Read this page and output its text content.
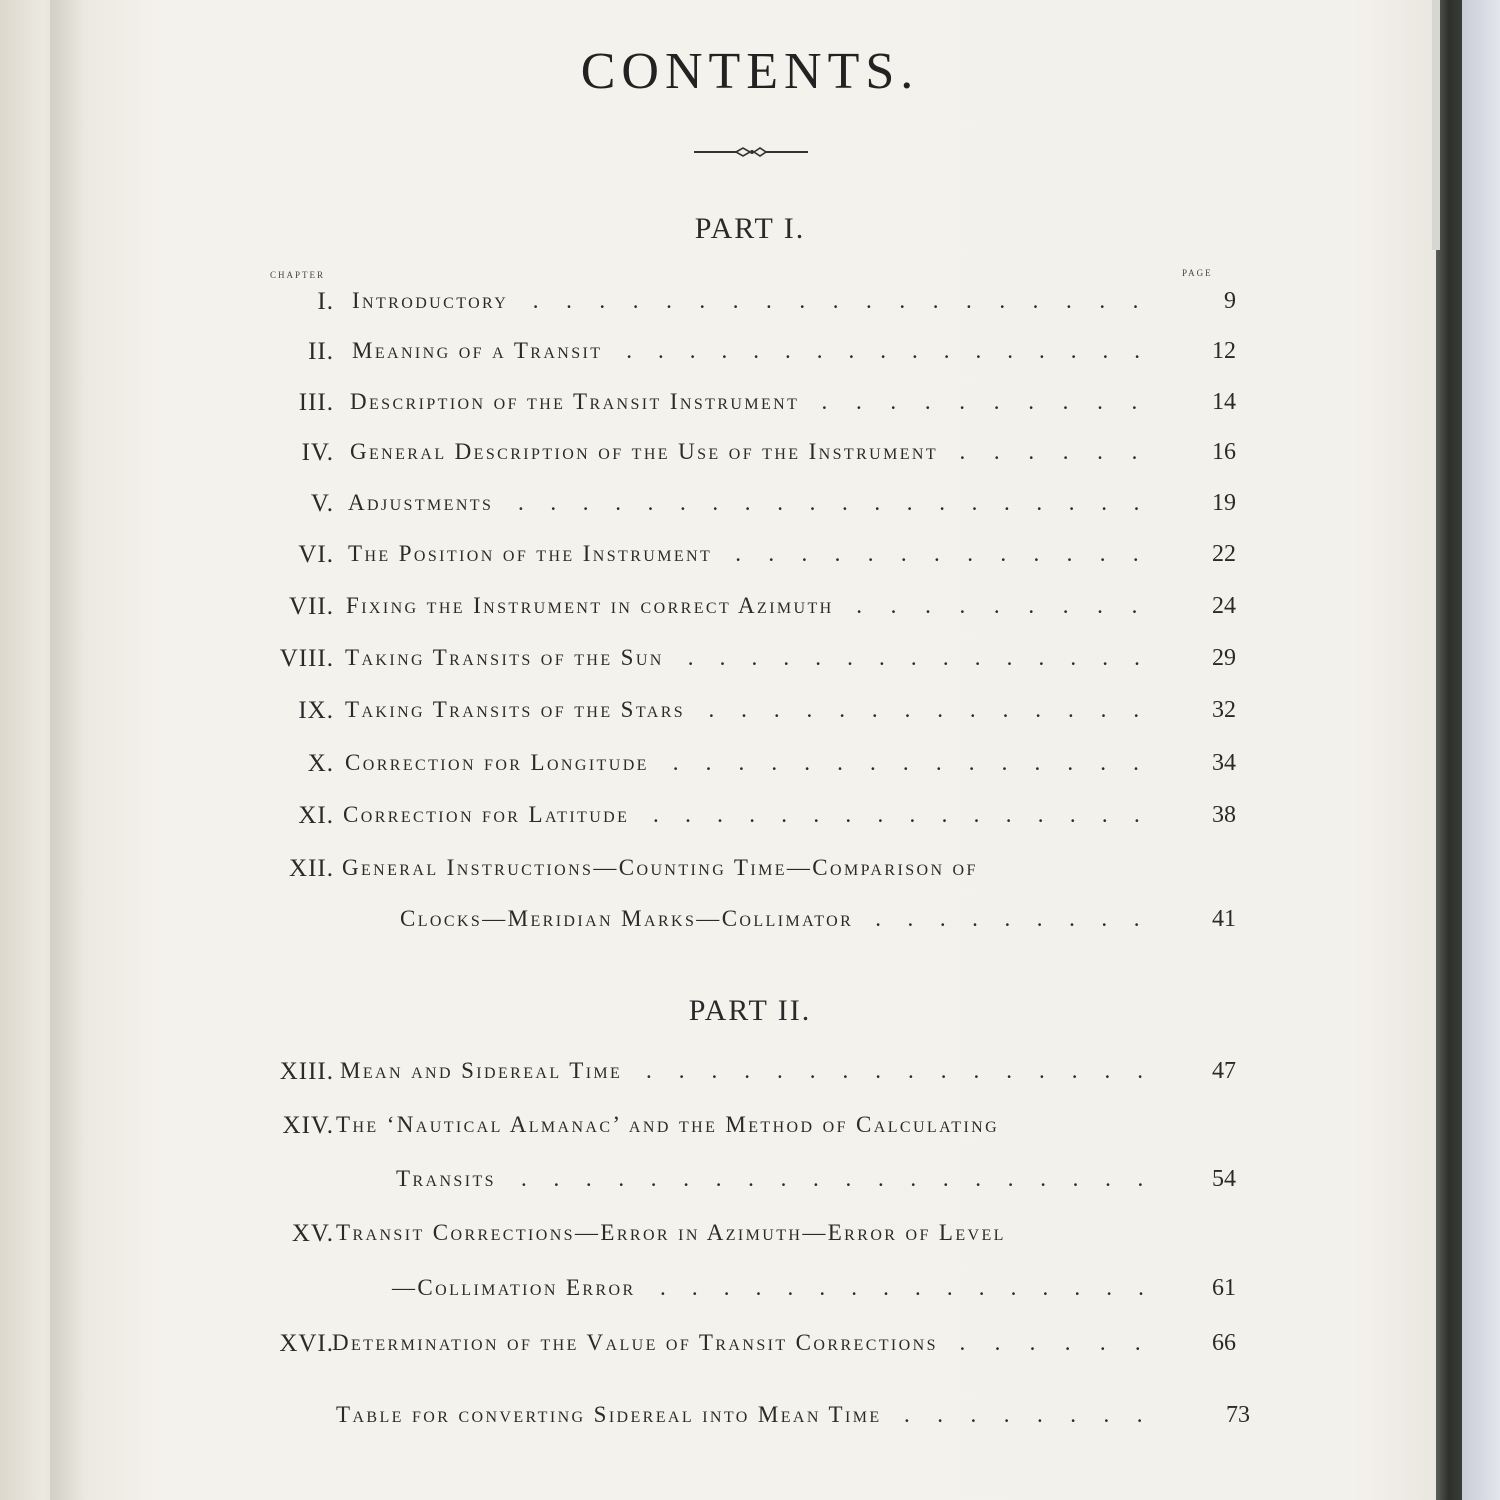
CONTENTS.
PART I.
chapter	page
I. Introductory	9
...................
II. Meaning of a Transit	12
.................
III. Description of the Transit Instrument	14
..........
IV. General Description of the Use of the Instrument	16
......
V. Adjustments	19
....................
VI. The Position of the Instrument	22
.............
VII. Fixing the Instrument in correct Azimuth	24
.........
VIII. Taking Transits of the Sun	29
...............
IX. Taking Transits of the Stars	32
..............
X. Correction for Longitude	34
...............
XI. Correction for Latitude	38
................
XII. General Instructions—Counting Time—Comparison of
Clocks—Meridian Marks—Collimator	41
.........
PART II.
XIII. Mean and Sidereal Time	47
................
XIV. The ‘Nautical Almanac’ and the Method of Calculating
Transits	54
....................
XV. Transit Corrections—Error in Azimuth—Error of Level
—Collimation Error	61
................
XVI.
Determination of the Value of Transit Corrections	66
......
Table for converting Sidereal into Mean Time	73
........
